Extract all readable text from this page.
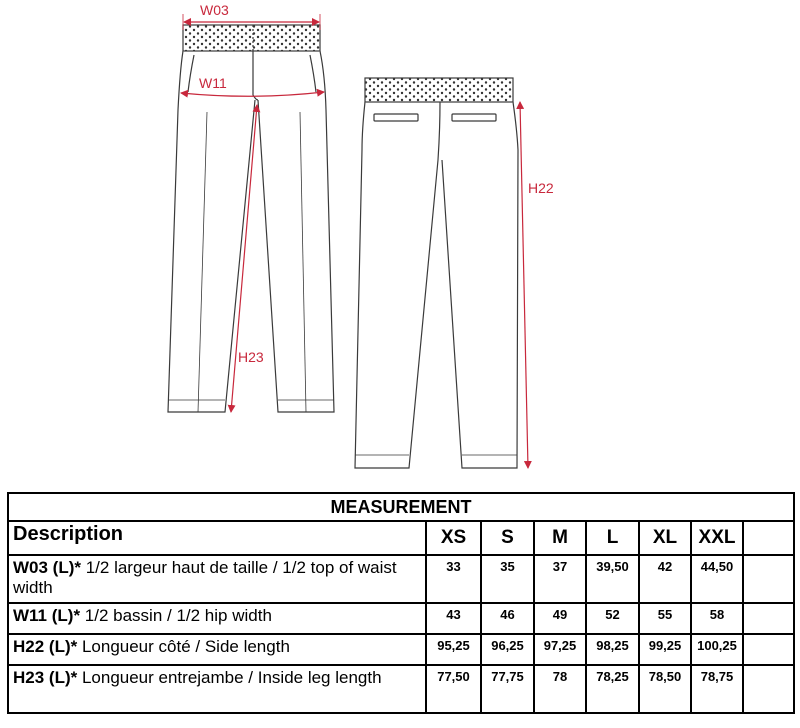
W03
W11
H22
H23
MEASUREMENT							
Description	XS	S	M	L	XL	XXL	
W03 (L)* 1/2 largeur haut de taille / 1/2 top of waist width	33	35	37	39,50	42	44,50	
W11 (L)* 1/2 bassin / 1/2 hip width	43	46	49	52	55	58	
H22 (L)* Longueur côté / Side length	95,25	96,25	97,25	98,25	99,25	100,25	
H23 (L)* Longueur entrejambe / Inside leg length	77,50	77,75	78	78,25	78,50	78,75	
